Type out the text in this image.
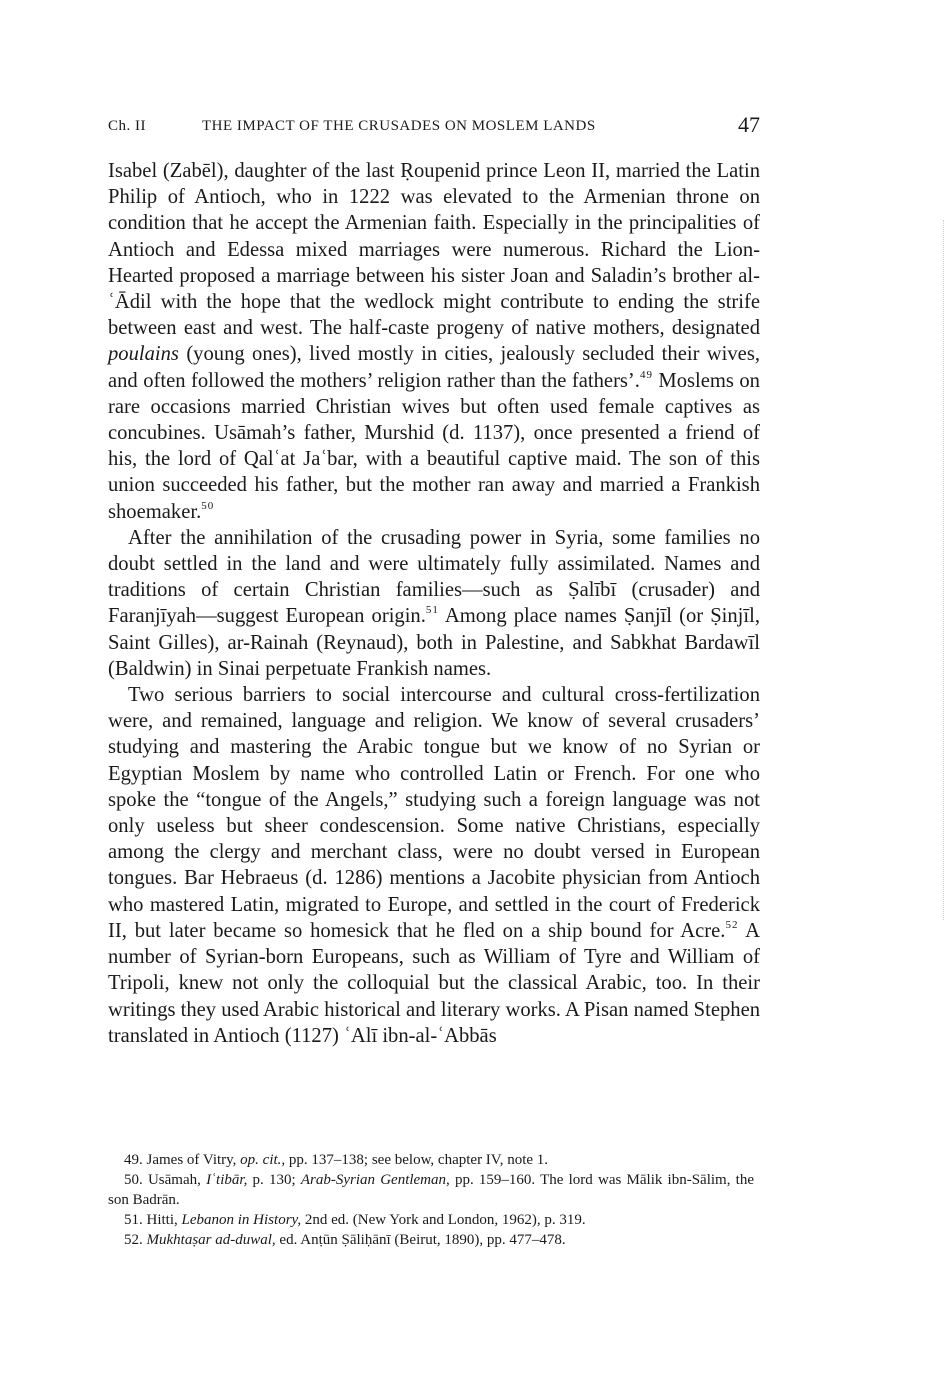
Ch. II	THE IMPACT OF THE CRUSADES ON MOSLEM LANDS	47

Isabel (Zabēl), daughter of the last Ṛoupenid prince Leon II, married the Latin Philip of Antioch, who in 1222 was elevated to the Armenian throne on condition that he accept the Armenian faith. Especially in the principalities of Antioch and Edessa mixed marriages were numerous. Richard the Lion-Hearted proposed a marriage between his sister Joan and Saladin’s brother al-ʿĀdil with the hope that the wedlock might contribute to ending the strife between east and west. The half-caste progeny of native mothers, designated poulains (young ones), lived mostly in cities, jealously secluded their wives, and often followed the mothers’ religion rather than the fathers’.$^{49}$ Moslems on rare occasions married Christian wives but often used female captives as concubines. Usāmah’s father, Murshid (d. 1137), once presented a friend of his, the lord of Qalʿat Jaʿbar, with a beautiful captive maid. The son of this union succeeded his father, but the mother ran away and married a Frankish shoemaker.$^{50}$

After the annihilation of the crusading power in Syria, some families no doubt settled in the land and were ultimately fully assimilated. Names and traditions of certain Christian families—such as Ṣalībī (crusader) and Faranjīyah—suggest European origin.$^{51}$ Among place names Ṣanjīl (or Ṣinjīl, Saint Gilles), ar-Rainah (Reynaud), both in Palestine, and Sabkhat Bardawīl (Baldwin) in Sinai perpetuate Frankish names.

Two serious barriers to social intercourse and cultural cross-fertilization were, and remained, language and religion. We know of several crusaders’ studying and mastering the Arabic tongue but we know of no Syrian or Egyptian Moslem by name who controlled Latin or French. For one who spoke the “tongue of the Angels,” studying such a foreign language was not only useless but sheer condescension. Some native Christians, especially among the clergy and merchant class, were no doubt versed in European tongues. Bar Hebraeus (d. 1286) mentions a Jacobite physician from Antioch who mastered Latin, migrated to Europe, and settled in the court of Frederick II, but later became so homesick that he fled on a ship bound for Acre.$^{52}$ A number of Syrian-born Europeans, such as William of Tyre and William of Tripoli, knew not only the colloquial but the classical Arabic, too. In their writings they used Arabic historical and literary works. A Pisan named Stephen translated in Antioch (1127) ʿAlī ibn-al-ʿAbbās

49. James of Vitry, op. cit., pp. 137–138; see below, chapter IV, note 1.

50. Usāmah, Iʿtibār, p. 130; Arab-Syrian Gentleman, pp. 159–160. The lord was Mālik ibn-Sālim, the son Badrān.

51. Hitti, Lebanon in History, 2nd ed. (New York and London, 1962), p. 319.

52. Mukhtaṣar ad-duwal, ed. Anṭūn Ṣāliḥānī (Beirut, 1890), pp. 477–478.
